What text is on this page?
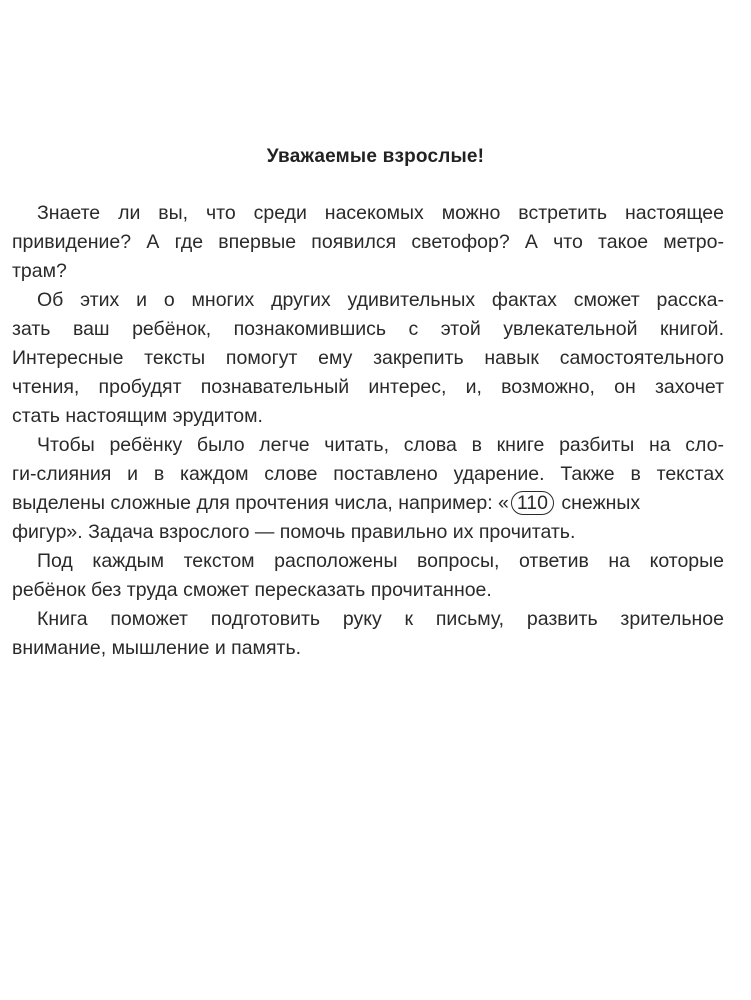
Уважаемые взрослые!
Знаете ли вы, что среди насекомых можно встретить настоящее
привидение? А где впервые появился светофор? А что такое метро-
трам?
Об этих и о многих других удивительных фактах сможет расска-
зать ваш ребёнок, познакомившись с этой увлекательной книгой.
Интересные тексты помогут ему закрепить навык самостоятельного
чтения, пробудят познавательный интерес, и, возможно, он захочет
стать настоящим эрудитом.
Чтобы ребёнку было легче читать, слова в книге разбиты на сло-
ги-слияния и в каждом слове поставлено ударение. Также в текстах
выделены сложные для прочтения числа, например: « 110 снежных
фигур». Задача взрослого — помочь правильно их прочитать.
Под каждым текстом расположены вопросы, ответив на которые
ребёнок без труда сможет пересказать прочитанное.
Книга поможет подготовить руку к письму, развить зрительное
внимание, мышление и память.
